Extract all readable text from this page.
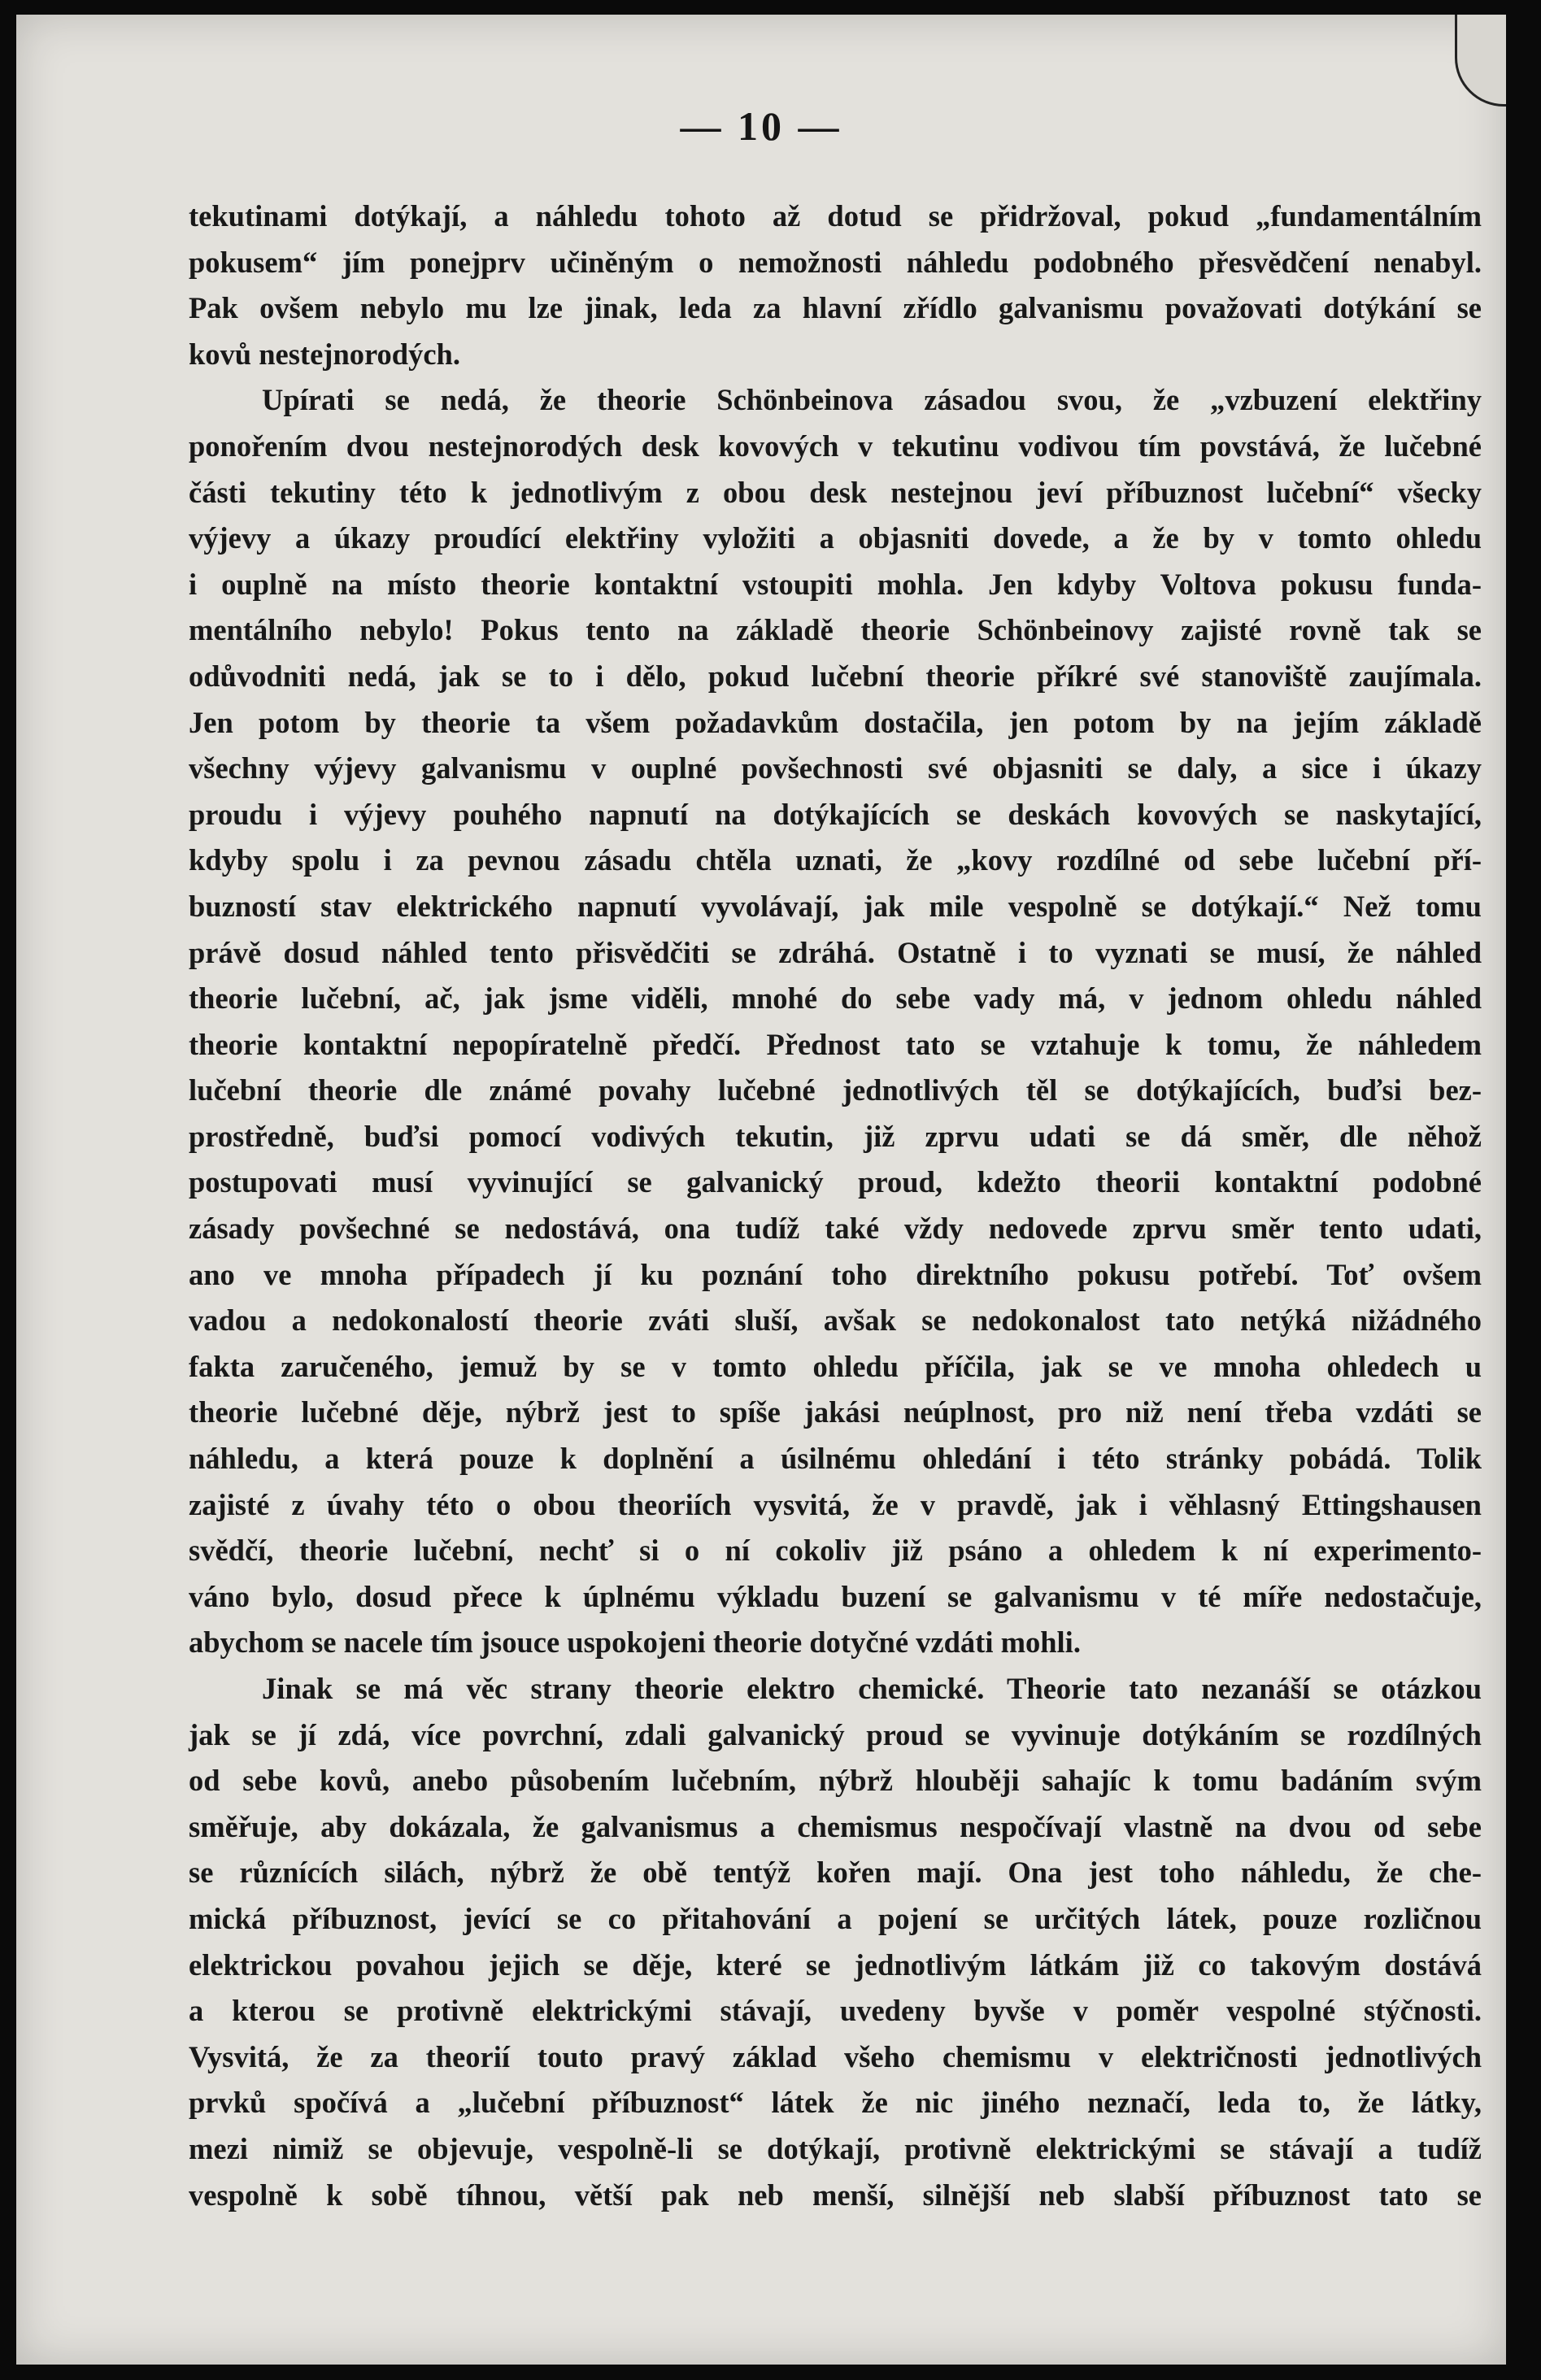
— 10 —

tekutinami dotýkají, a náhledu tohoto až dotud se přidržoval, pokud „fundamentálním

pokusem“ jím ponejprv učiněným o nemožnosti náhledu podobného přesvědčení nenabyl.

Pak ovšem nebylo mu lze jinak, leda za hlavní zřídlo galvanismu považovati dotýkání se

kovů nestejnorodých.

Upírati se nedá, že theorie Schönbeinova zásadou svou, že „vzbuzení elektřiny

ponořením dvou nestejnorodých desk kovových v tekutinu vodivou tím povstává, že lučebné

části tekutiny této k jednotlivým z obou desk nestejnou jeví příbuznost lučební“ všecky

výjevy a úkazy proudící elektřiny vyložiti a objasniti dovede, a že by v tomto ohledu

i ouplně na místo theorie kontaktní vstoupiti mohla. Jen kdyby Voltova pokusu funda-

mentálního nebylo! Pokus tento na základě theorie Schönbeinovy zajisté rovně tak se

odůvodniti nedá, jak se to i dělo, pokud lučební theorie příkré své stanoviště zaujímala.

Jen potom by theorie ta všem požadavkům dostačila, jen potom by na jejím základě

všechny výjevy galvanismu v ouplné povšechnosti své objasniti se daly, a sice i úkazy

proudu i výjevy pouhého napnutí na dotýkajících se deskách kovových se naskytající,

kdyby spolu i za pevnou zásadu chtěla uznati, že „kovy rozdílné od sebe lučební pří-

buzností stav elektrického napnutí vyvolávají, jak mile vespolně se dotýkají.“ Než tomu

právě dosud náhled tento přisvědčiti se zdráhá. Ostatně i to vyznati se musí, že náhled

theorie lučební, ač, jak jsme viděli, mnohé do sebe vady má, v jednom ohledu náhled

theorie kontaktní nepopíratelně předčí. Přednost tato se vztahuje k tomu, že náhledem

lučební theorie dle známé povahy lučebné jednotlivých těl se dotýkajících, buďsi bez-

prostředně, buďsi pomocí vodivých tekutin, již zprvu udati se dá směr, dle něhož

postupovati musí vyvinující se galvanický proud, kdežto theorii kontaktní podobné

zásady povšechné se nedostává, ona tudíž také vždy nedovede zprvu směr tento udati,

ano ve mnoha případech jí ku poznání toho direktního pokusu potřebí. Toť ovšem

vadou a nedokonalostí theorie zváti sluší, avšak se nedokonalost tato netýká nižádného

fakta zaručeného, jemuž by se v tomto ohledu příčila, jak se ve mnoha ohledech u

theorie lučebné děje, nýbrž jest to spíše jakási neúplnost, pro niž není třeba vzdáti se

náhledu, a která pouze k doplnění a úsilnému ohledání i této stránky pobádá. Tolik

zajisté z úvahy této o obou theoriích vysvitá, že v pravdě, jak i věhlasný Ettingshausen

svědčí, theorie lučební, nechť si o ní cokoliv již psáno a ohledem k ní experimento-

váno bylo, dosud přece k úplnému výkladu buzení se galvanismu v té míře nedostačuje,

abychom se nacele tím jsouce uspokojeni theorie dotyčné vzdáti mohli.

Jinak se má věc strany theorie elektro chemické. Theorie tato nezanáší se otázkou

jak se jí zdá, více povrchní, zdali galvanický proud se vyvinuje dotýkáním se rozdílných

od sebe kovů, anebo působením lučebním, nýbrž hlouběji sahajíc k tomu badáním svým

směřuje, aby dokázala, že galvanismus a chemismus nespočívají vlastně na dvou od sebe

se různících silách, nýbrž že obě tentýž kořen mají. Ona jest toho náhledu, že che-

mická příbuznost, jevící se co přitahování a pojení se určitých látek, pouze rozličnou

elektrickou povahou jejich se děje, které se jednotlivým látkám již co takovým dostává

a kterou se protivně elektrickými stávají, uvedeny byvše v poměr vespolné stýčnosti.

Vysvitá, že za theorií touto pravý základ všeho chemismu v električnosti jednotlivých

prvků spočívá a „lučební příbuznost“ látek že nic jiného neznačí, leda to, že látky,

mezi nimiž se objevuje, vespolně-li se dotýkají, protivně elektrickými se stávají a tudíž

vespolně k sobě tíhnou, větší pak neb menší, silnější neb slabší příbuznost tato se
